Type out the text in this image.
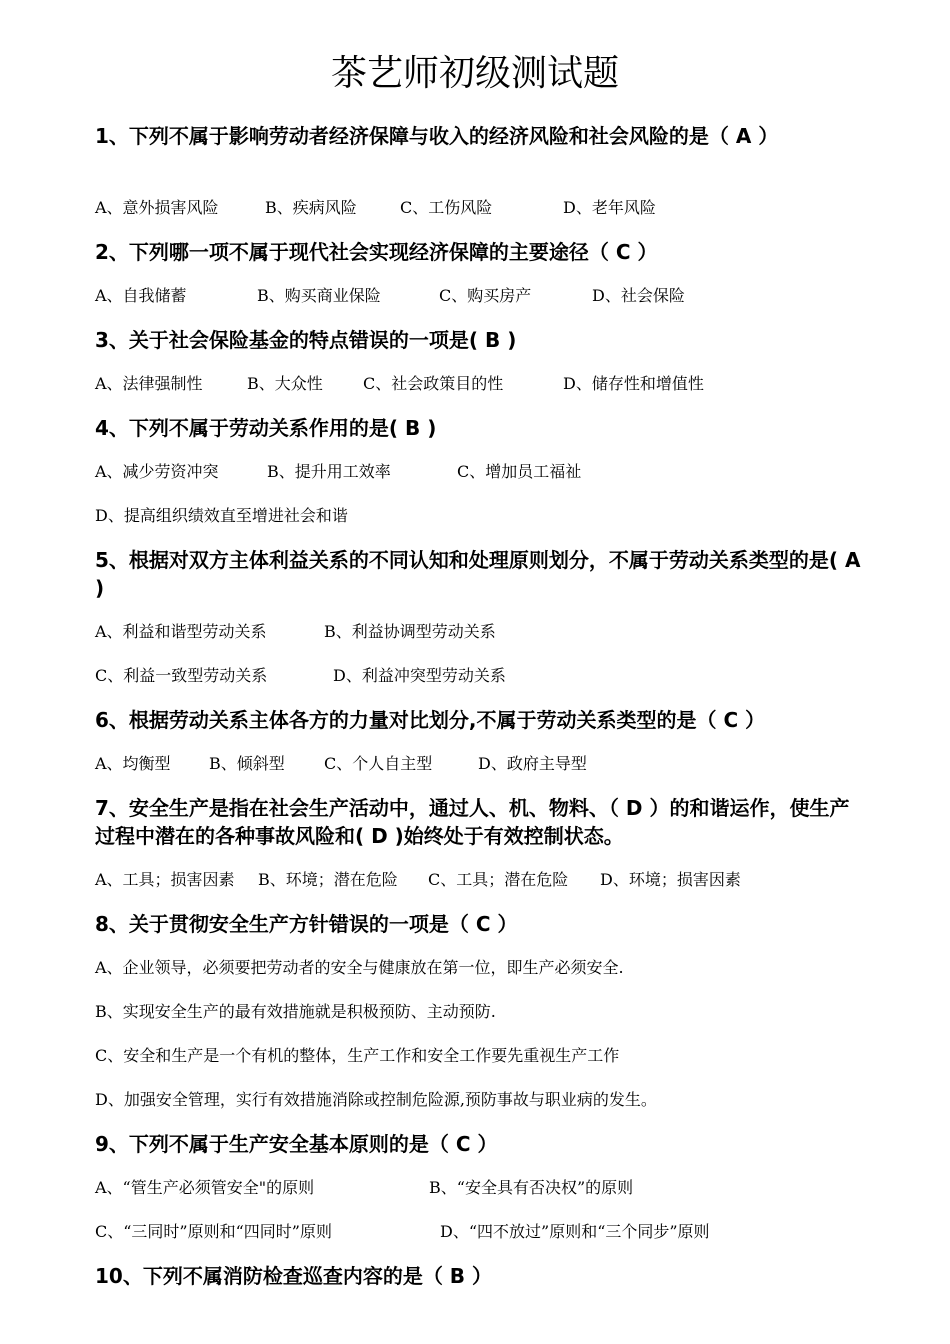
茶艺师初级测试题
1、下列不属于影响劳动者经济保障与收入的经济风险和社会风险的是（ A ）
A、意外损害风险	B、疾病风险	C、工伤风险	D、老年风险
2、下列哪一项不属于现代社会实现经济保障的主要途径（ C ）
A、自我储蓄	B、购买商业保险	C、购买房产	D、社会保险
3、关于社会保险基金的特点错误的一项是( B )
A、法律强制性	B、大众性	C、社会政策目的性	D、储存性和增值性
4、下列不属于劳动关系作用的是( B )
A、减少劳资冲突	B、提升用工效率	C、增加员工福祉
D、提高组织绩效直至增进社会和谐
5、根据对双方主体利益关系的不同认知和处理原则划分，不属于劳动关系类型的是( A )
A、利益和谐型劳动关系	B、利益协调型劳动关系
C、利益一致型劳动关系	D、利益冲突型劳动关系
6、根据劳动关系主体各方的力量对比划分,不属于劳动关系类型的是（ C ）
A、均衡型 B、倾斜型 C、个人自主型	D、政府主导型
7、安全生产是指在社会生产活动中，通过人、机、物料、（ D ）的和谐运作，使生产过程中潜在的各种事故风险和( D )始终处于有效控制状态。
A、工具；损害因素 B、环境；潜在危险 C、工具；潜在危险 D、环境；损害因素
8、关于贯彻安全生产方针错误的一项是（ C ）
A、企业领导，必须要把劳动者的安全与健康放在第一位，即生产必须安全.
B、实现安全生产的最有效措施就是积极预防、主动预防.
C、安全和生产是一个有机的整体，生产工作和安全工作要先重视生产工作
D、加强安全管理，实行有效措施消除或控制危险源,预防事故与职业病的发生。
9、下列不属于生产安全基本原则的是（ C ）
A、“管生产必须管安全"的原则	B、“安全具有否决权”的原则
C、“三同时”原则和“四同时”原则	D、“四不放过”原则和“三个同步”原则
10、下列不属消防检查巡查内容的是（ B ）
